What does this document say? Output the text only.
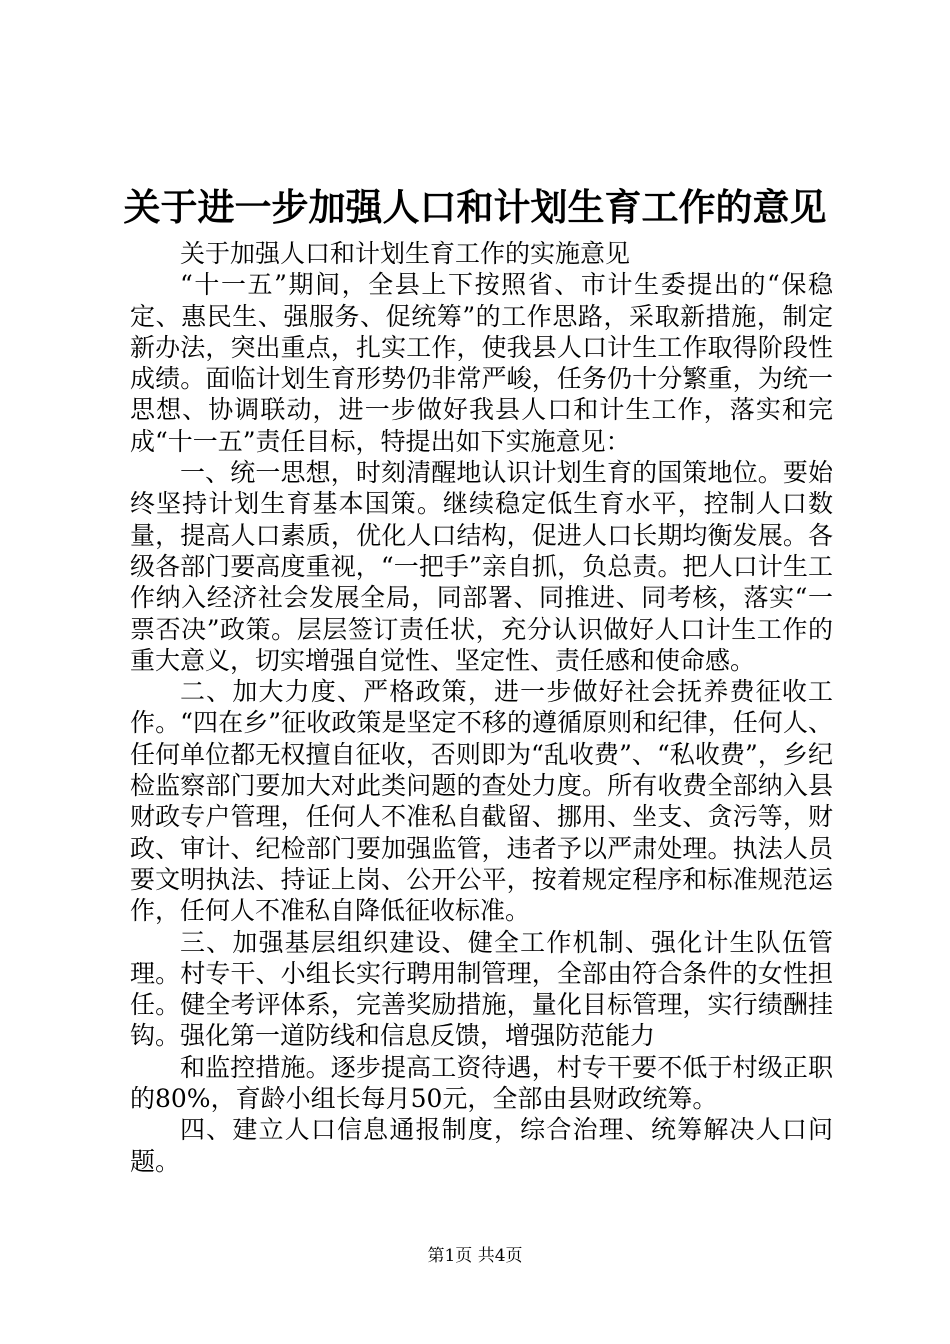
关于进一步加强人口和计划生育工作的意见

关于加强人口和计划生育工作的实施意见

“十一五”期间，全县上下按照省、市计生委提出的“保稳定、惠民生、强服务、促统筹”的工作思路，采取新措施，制定新办法，突出重点，扎实工作，使我县人口计生工作取得阶段性成绩。面临计划生育形势仍非常严峻，任务仍十分繁重，为统一思想、协调联动，进一步做好我县人口和计生工作，落实和完成“十一五”责任目标，特提出如下实施意见：

一、统一思想，时刻清醒地认识计划生育的国策地位。要始终坚持计划生育基本国策。继续稳定低生育水平，控制人口数量，提高人口素质，优化人口结构，促进人口长期均衡发展。各级各部门要高度重视，“一把手”亲自抓，负总责。把人口计生工作纳入经济社会发展全局，同部署、同推进、同考核，落实“一票否决”政策。层层签订责任状，充分认识做好人口计生工作的重大意义，切实增强自觉性、坚定性、责任感和使命感。

二、加大力度、严格政策，进一步做好社会抚养费征收工作。“四在乡”征收政策是坚定不移的遵循原则和纪律，任何人、任何单位都无权擅自征收，否则即为“乱收费”、“私收费”，乡纪检监察部门要加大对此类问题的查处力度。所有收费全部纳入县财政专户管理，任何人不准私自截留、挪用、坐支、贪污等，财政、审计、纪检部门要加强监管，违者予以严肃处理。执法人员要文明执法、持证上岗、公开公平，按着规定程序和标准规范运作，任何人不准私自降低征收标准。

三、加强基层组织建设、健全工作机制、强化计生队伍管理。村专干、小组长实行聘用制管理，全部由符合条件的女性担任。健全考评体系，完善奖励措施，量化目标管理，实行绩酬挂钩。强化第一道防线和信息反馈，增强防范能力

和监控措施。逐步提高工资待遇，村专干要不低于村级正职的80%，育龄小组长每月50元，全部由县财政统筹。

四、建立人口信息通报制度，综合治理、统筹解决人口问题。

第1页 共4页
